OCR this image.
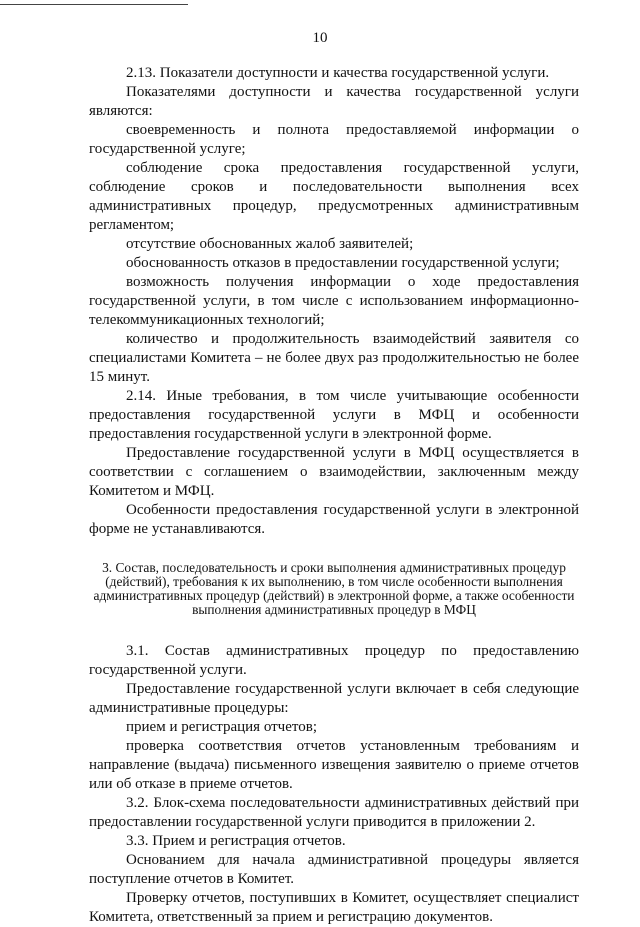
10

2.13. Показатели доступности и качества государственной услуги.

Показателями доступности и качества государственной услуги являются:

своевременность и полнота предоставляемой информации о государственной услуге;

соблюдение срока предоставления государственной услуги, соблюдение сроков и последовательности выполнения всех административных процедур, предусмотренных административным регламентом;

отсутствие обоснованных жалоб заявителей;

обоснованность отказов в предоставлении государственной услуги;

возможность получения информации о ходе предоставления государственной услуги, в том числе с использованием информационно-телекоммуникационных технологий;

количество и продолжительность взаимодействий заявителя со специалистами Комитета – не более двух раз продолжительностью не более 15 минут.

2.14. Иные требования, в том числе учитывающие особенности предоставления государственной услуги в МФЦ и особенности предоставления государственной услуги в электронной форме.

Предоставление государственной услуги в МФЦ осуществляется в соответствии с соглашением о взаимодействии, заключенным между Комитетом и МФЦ.

Особенности предоставления государственной услуги в электронной форме не устанавливаются.

3. Состав, последовательность и сроки выполнения административных процедур (действий), требования к их выполнению, в том числе особенности выполнения административных процедур (действий) в электронной форме, а также особенности выполнения административных процедур в МФЦ

3.1. Состав административных процедур по предоставлению государственной услуги.

Предоставление государственной услуги включает в себя следующие административные процедуры:

прием и регистрация отчетов;

проверка соответствия отчетов установленным требованиям и направление (выдача) письменного извещения заявителю о приеме отчетов или об отказе в приеме отчетов.

3.2. Блок-схема последовательности административных действий при предоставлении государственной услуги приводится в приложении 2.

3.3. Прием и регистрация отчетов.

Основанием для начала административной процедуры является поступление отчетов в Комитет.

Проверку отчетов, поступивших в Комитет, осуществляет специалист Комитета, ответственный за прием и регистрацию документов.
